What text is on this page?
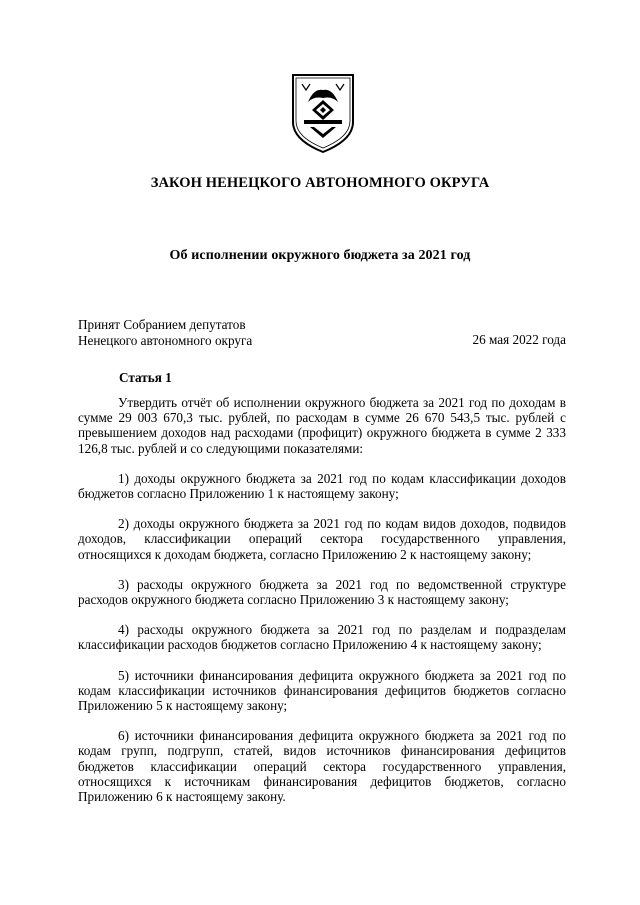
ЗАКОН НЕНЕЦКОГО АВТОНОМНОГО ОКРУГА
Об исполнении окружного бюджета за 2021 год
Принят Собранием депутатов
Ненецкого автономного округа	26 мая 2022 года
Статья 1

Утвердить отчёт об исполнении окружного бюджета за 2021 год по доходам в сумме 29 003 670,3 тыс. рублей, по расходам в сумме 26 670 543,5 тыс. рублей с превышением доходов над расходами (профицит) окружного бюджета в сумме 2 333 126,8 тыс. рублей и со следующими показателями:

1) доходы окружного бюджета за 2021 год по кодам классификации доходов бюджетов согласно Приложению 1 к настоящему закону;

2) доходы окружного бюджета за 2021 год по кодам видов доходов, подвидов доходов, классификации операций сектора государственного управления, относящихся к доходам бюджета, согласно Приложению 2 к настоящему закону;

3) расходы окружного бюджета за 2021 год по ведомственной структуре расходов окружного бюджета согласно Приложению 3 к настоящему закону;

4) расходы окружного бюджета за 2021 год по разделам и подразделам классификации расходов бюджетов согласно Приложению 4 к настоящему закону;

5) источники финансирования дефицита окружного бюджета за 2021 год по кодам классификации источников финансирования дефицитов бюджетов согласно Приложению 5 к настоящему закону;

6) источники финансирования дефицита окружного бюджета за 2021 год по кодам групп, подгрупп, статей, видов источников финансирования дефицитов бюджетов классификации операций сектора государственного управления, относящихся к источникам финансирования дефицитов бюджетов, согласно Приложению 6 к настоящему закону.
